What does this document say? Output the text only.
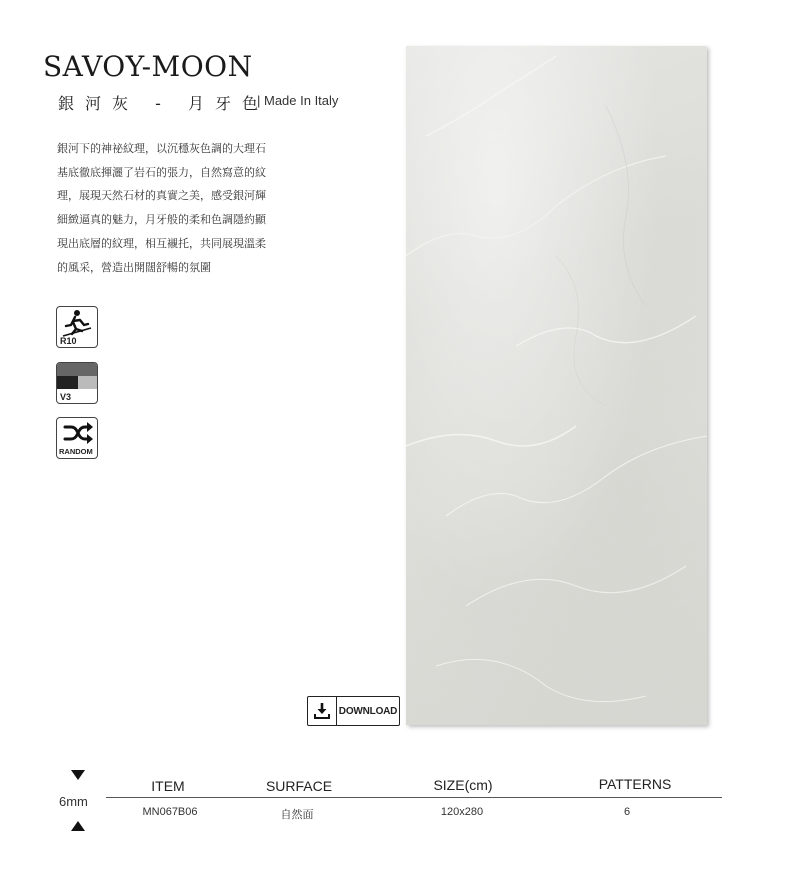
SAVOY-MOON
銀河灰 - 月牙色
| Made In Italy
銀河下的神祕紋理，以沉穩灰色調的大理石
基底徹底揮灑了岩石的張力，自然寫意的紋
理，展現天然石材的真實之美，感受銀河輝
細緻逼真的魅力，月牙般的柔和色調隱約顯
現出底層的紋理，相互襯托，共同展現溫柔
的風采，營造出開闊舒暢的氛圍
R10
V3
RANDOM
DOWNLOAD
6mm
ITEM	SURFACE	SIZE(cm)	PATTERNS
MN067B06	自然面	120x280	6
